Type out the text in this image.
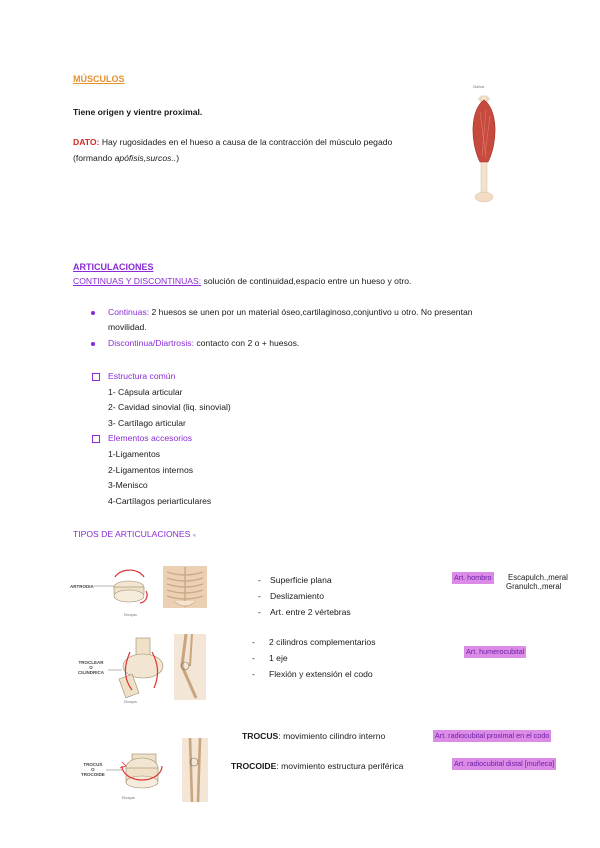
MÚSCULOS
Tiene origen y vientre proximal.
DATO: Hay rugosidades en el hueso a causa de la contracción del músculo pegado
(formando apófisis,surcos..)
Diafisis
ARTICULACIONES
CONTINUAS Y DISCONTINUAS: solución de continuidad,espacio entre un hueso y otro.
Continuas: 2 huesos se unen por un material óseo,cartilaginoso,conjuntivo u otro. No presentan
movilidad.
Discontinua/Diartrosis: contacto con 2 o + huesos.
Estructura común
1- Cápsula articular
2- Cavidad sinovial (liq. sinovial)
3- Cartílago articular
Elementos accesorios
1-Ligamentos
2-Ligamentos internos
3-Menisco
4-Cartílagos periarticulares
TIPOS DE ARTICULACIONES «
ARTRODIA
Ebrayas
- Superficie plana
- Deslizamiento
- Art. entre 2 vértebras
Art. hombro Escapulch.,meral
Granulch.,meral
TROCLEAR
O
CILÍNDRICA
Ebrayas
- 2 cilindros complementarios
- 1 eje
- Flexión y extensión el codo
Art. humerocubital
TROCUS
O
TROCOIDE
Ebrayas
TROCUS: movimiento cilindro interno
TROCOIDE: movimiento estructura periférica
Art. radiocubital proximal en el codo
Art. radiocubital distal [muñeca]
